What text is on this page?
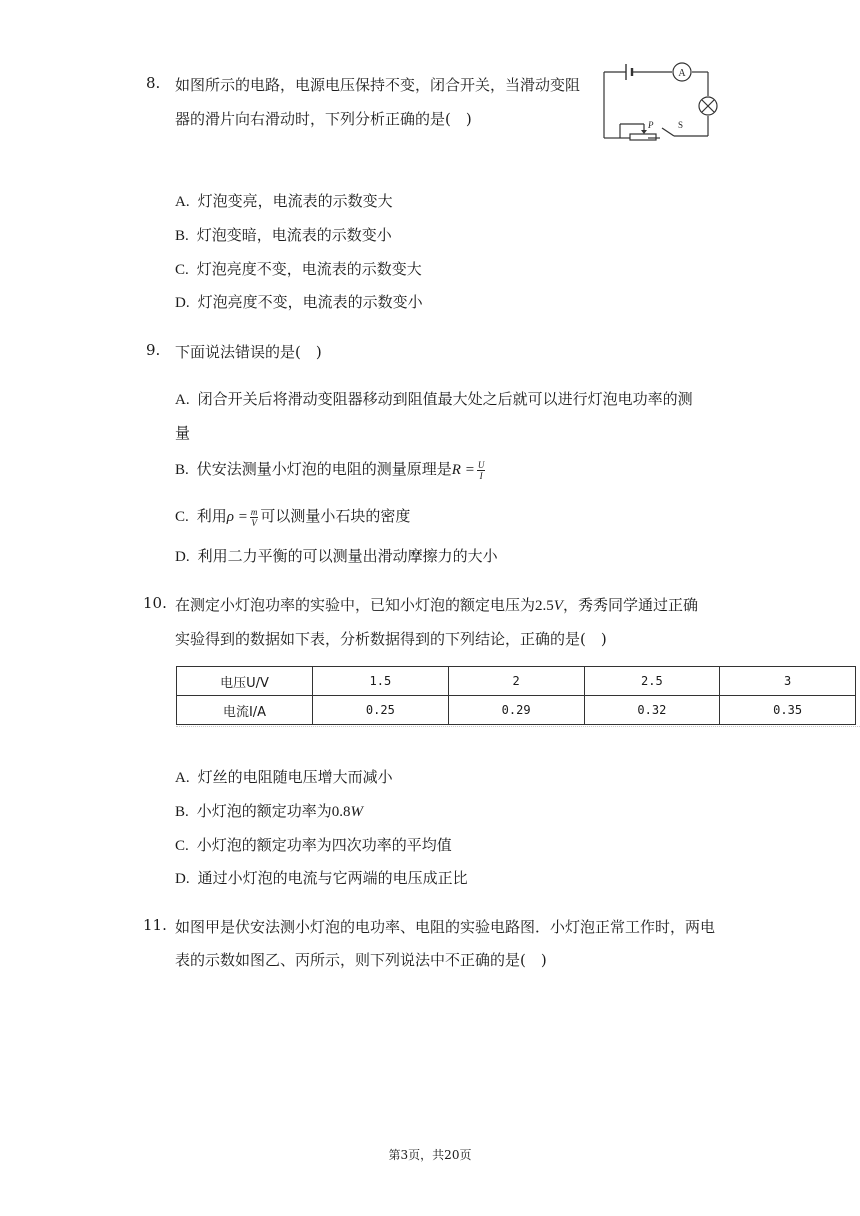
8. 如图所示的电路，电源电压保持不变，闭合开关，当滑动变阻
器的滑片向右滑动时，下列分析正确的是(　)
A
P	S
A. 灯泡变亮，电流表的示数变大
B. 灯泡变暗，电流表的示数变小
C. 灯泡亮度不变，电流表的示数变大
D. 灯泡亮度不变，电流表的示数变小
9. 下面说法错误的是(　)
A. 闭合开关后将滑动变阻器移动到阻值最大处之后就可以进行灯泡电功率的测
量
B. 伏安法测量小灯泡的电阻的测量原理是$R = \frac{U}{I}$
C. 利用$\rho = \frac{m}{V}$ 可以测量小石块的密度
D. 利用二力平衡的可以测量出滑动摩擦力的大小
10. 在测定小灯泡功率的实验中，已知小灯泡的额定电压为2.5V，秀秀同学通过正确
实验得到的数据如下表，分析数据得到的下列结论，正确的是(　)
电压U/V	1.5	2	2.5	3
电流I/A	0.25	0.29	0.32	0.35
A. 灯丝的电阻随电压增大而减小
B. 小灯泡的额定功率为0.8W
C. 小灯泡的额定功率为四次功率的平均值
D. 通过小灯泡的电流与它两端的电压成正比
11. 如图甲是伏安法测小灯泡的电功率、电阻的实验电路图．小灯泡正常工作时，两电
表的示数如图乙、丙所示，则下列说法中不正确的是(　)
第3页，共20页
